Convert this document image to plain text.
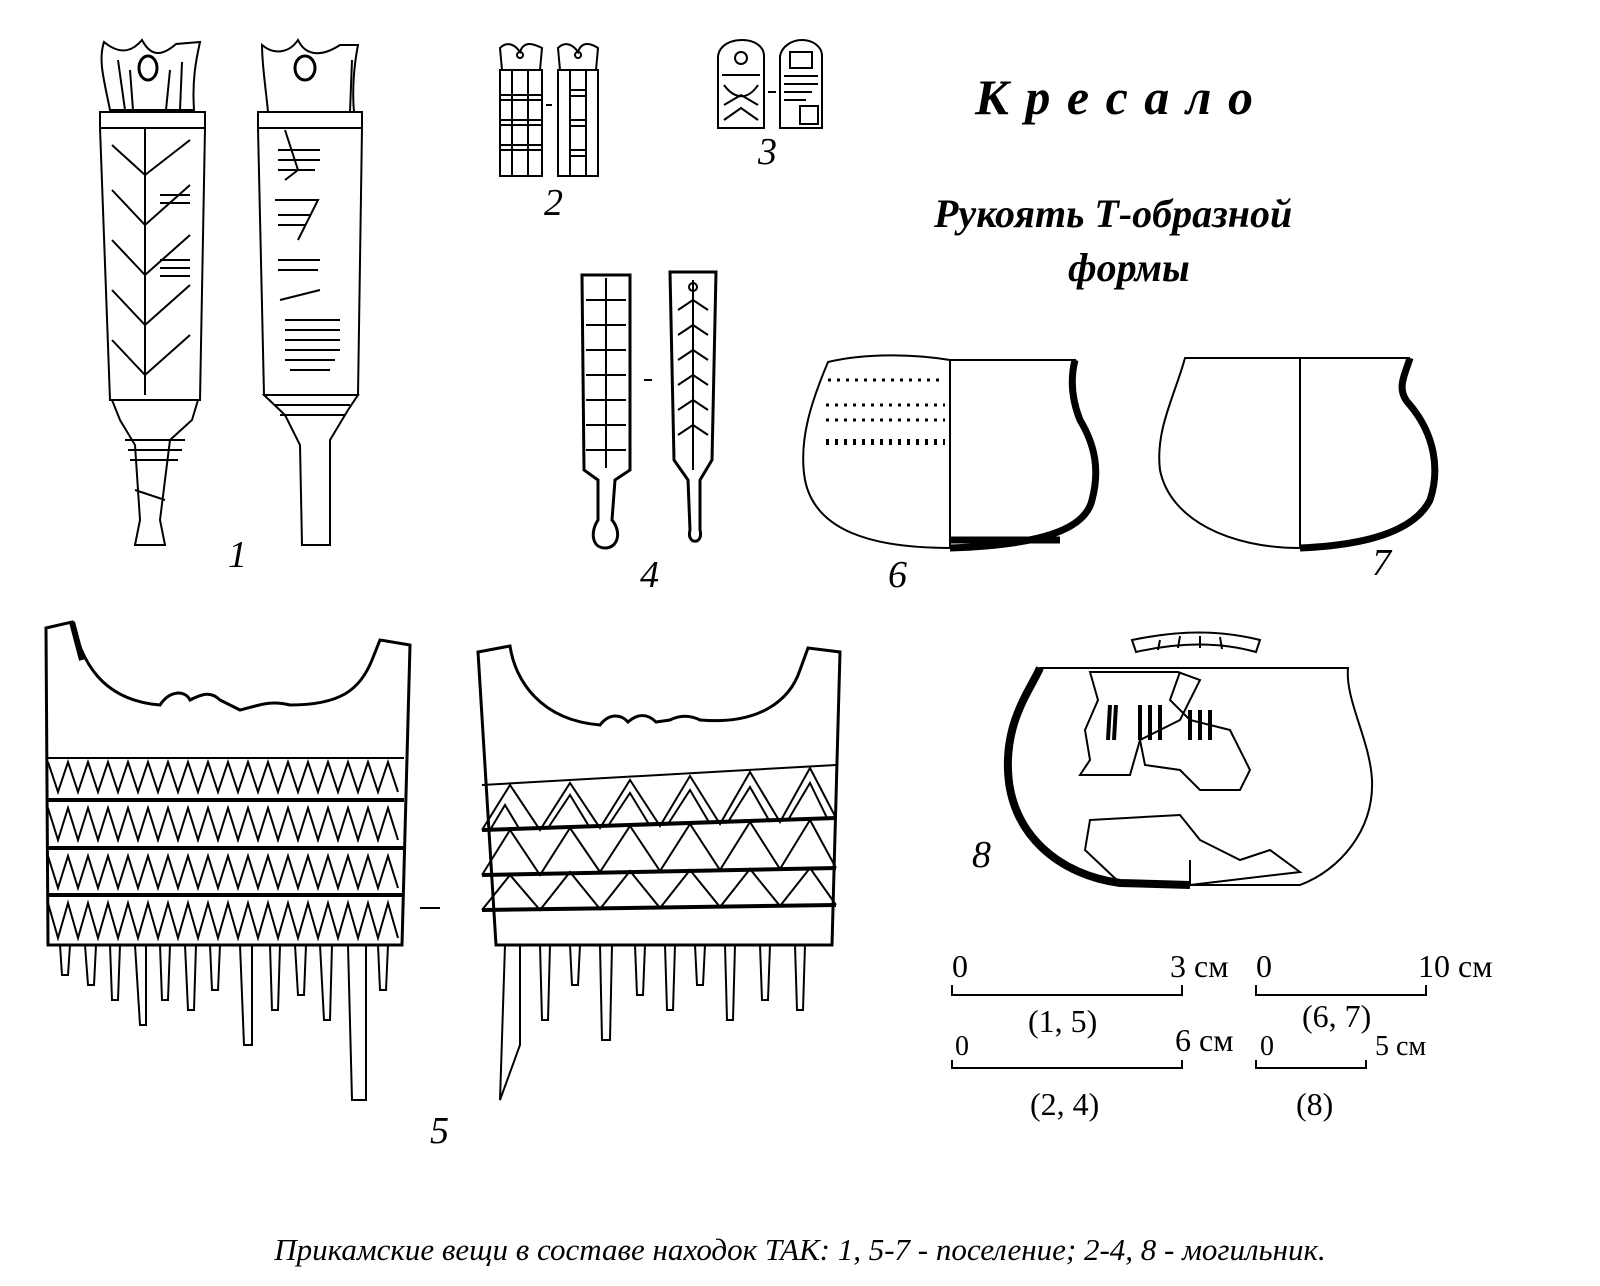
К р е с а л о
Рукоять Т-образной
формы
1
2
3
4
5
6	7
8
0	3 см
(1, 5)
0	10 см
(6, 7)
0	6 см
(2, 4)
0	5 см
(8)
Прикамские вещи в составе находок ТАК: 1, 5-7 - поселение; 2-4, 8 - могильник.
